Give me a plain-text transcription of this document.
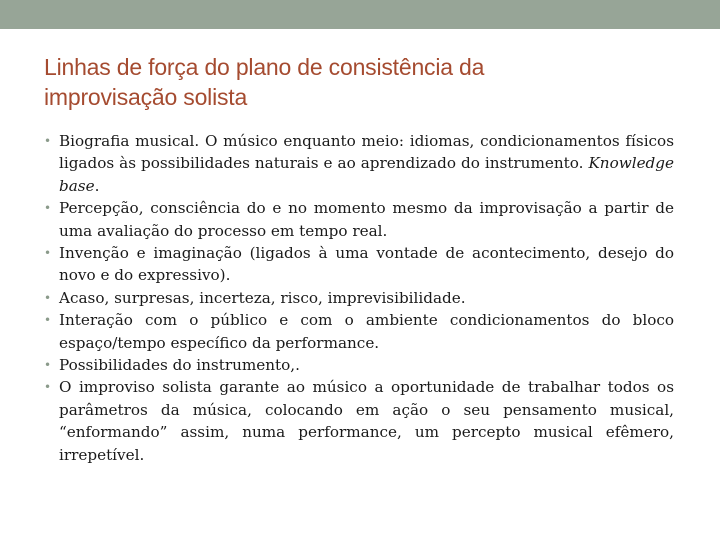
Linhas de força do plano de consistência da
improvisação solista
• Biografia musical. O músico enquanto meio: idiomas, condicionamentos físicos ligados às possibilidades naturais e ao aprendizado do instrumento. Knowledge base.
• Percepção, consciência do e no momento mesmo da improvisação a partir de uma avaliação do processo em tempo real.
• Invenção e imaginação (ligados à uma vontade de acontecimento, desejo do novo e do expressivo).
• Acaso, surpresas, incerteza, risco, imprevisibilidade.
• Interação com o público e com o ambiente condicionamentos do bloco espaço/tempo específico da performance.
• Possibilidades do instrumento,.
• O improviso solista garante ao músico a oportunidade de trabalhar todos os parâmetros da música, colocando em ação o seu pensamento musical, “enformando” assim, numa performance, um percepto musical efêmero, irrepetível.
